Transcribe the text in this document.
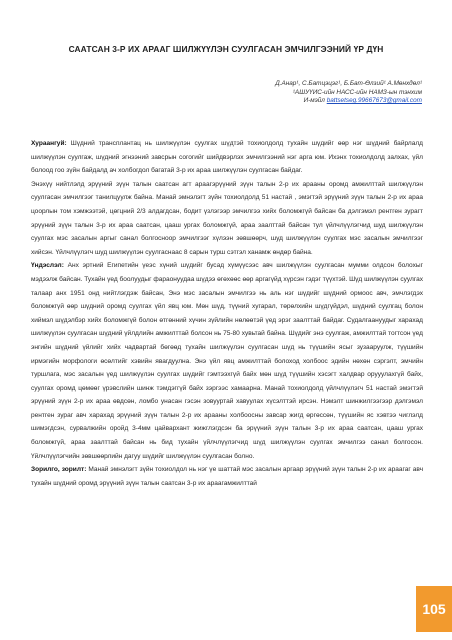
СААТСАН 3-Р ИХ АРААГ ШИЛЖҮҮЛЭН СУУЛГАСАН ЭМЧИЛГЭЭНИЙ ҮР ДҮН
Д.Анар¹, С.Батцэцэг¹, Б.Бат-Өлзий¹ А.Мөнхдөл¹
¹АШУҮИС-ийн НАСС-ийн НАМЗ-ын тэнхим
И-мэйл battsetseg.99667673@gmail.com

Хураангуй: Шүдний трансплантац нь шилжүүлэн суулгах шүдтэй тохиолдолд тухайн шүдийг өөр нэг шүдний байрлалд шилжүүлэн суулгаж, шүдний эгнээний завсрын согогийг шийдвэрлэх эмчилгээний нэг арга юм. Ихэнх тохиолдолд залхах, үйл болоод гоо зүйн байдалд ач холбогдол багатай 3-р их араа шилжүүлэн суулгасан байдаг.

Энэхүү нийтлэлд эрүүний зүүн талын саатсан агт араагэрүүний зүүн талын 2-р их арааны оромд амжилттай шилжүүлэн суулгасан эмчилгээг танилцуулж байна. Манай эмнэлэгт зүйн тохиолдолд 51 настай , эмэгтэй эрүүний зүүн талын 2-р их араа цоорлын том хэмжээтэй, цөгцний 2/3 алдагдсан, бодит үзлэгээр эмчилгээ хийх боломжгүй байсан ба дэлгэмэл рентген зурагт эрүүний зүүн талын 3-р их араа саатсан, цааш ургах боломжгүй, араа заалттай байсан тул үйлчлүүлэгчид шуд шилжүүлэн суулгах мэс засалын аргыг санал болгосноор эмчилгээг хүлээн зөвшөөрч, шуд шилжүүлэн суулгах мэс засалын эмчилгээг хийсэн. Үйлчлүүлэгч шуд шилжүүлэн суулгаснаас 8 сарын турш сэтгэл ханамж өндөр байна.

Үндэслэл: Анх эртний Египетийн үеэс хүний шүдийг бусад хүмүүсээс авч шилжүүлэн суулгасан мумми олдсон болохыг мэдээлж байсан. Тухайн үед боолуудыг фараонуудаа шүдээ өгөхөөс өөр аргагүйд хүрсэн гэдэг түүхтэй. Шүд шилжүүлэн суулгах талаар анх 1951 онд нийтлэгдэж байсан, Энэ мэс засалын эмчилгээ нь аль нэг шүдийг шүдний ормоос авч, эмчлэгдэх боломжгүй өөр шүдний оромд суулгах үйл явц юм. Мөн шүд, түүний хугарал, төрөлхийн шүдгүйдэл, шүдний суулгац болон хиймэл шүдэлбэр хийх боломжгүй болон өтгөнний хүчин зүйлийн нөлөөтэй үед эрэг заалттай байдаг. Судалгаануудыг харахад шилжүүлэн суулгасан шүдний үйлдлийн амжилттай болсон нь 75-80 хувьтай байна. Шүдийг энэ суулгаж, амжилттай тогтсон үед энгийн шүдний үйлийг хийх чадвартай бөгөөд тухайн шилжүүлэн суулгасан шүд нь түүшийн ясыг зузааруулж, түүшийн ирмэгийн морфологи өсөлтийг хэвийн явагдуулна. Энэ үйл явц амжилттай болоход холбоос эдийн нөхөн сэргэлт, эмчийн туршлага, мэс засалын үед шилжүүлэн суулгах шүдийг гэмтээхгүй байх мөн шүд түүшийн хэсэгт халдвар орууулахгүй байх, суулгах оромд цөмөөг үрэвслийн шинж тэмдэггүй байх зэргээс хамаарна. Манай тохиолдолд үйлчлүүлэгч 51 настай эмэгтэй эрүүний зүүн 2-р их араа өвдсөн, ломбо унасан гэсэн зовууртай хавуулах хүсэлттэй ирсэн. Нэмэлт шинжилгээгээр дэлгэмэл рентген зураг авч харахад эрүүний зүүн талын 2-р их арааны холбоосны завсар жигд өргөссөн, түүшийн яс хэвтээ чиглэлд шимэгдсэн, сурвалжийн оройд 3-4мм цайвархант жижглэгдсэн ба эрүүний зүүн талын 3-р их араа саатсан, цааш ургах боломжгүй, араа заалттай байсан нь бид тухайн үйлчлүүлэгчид шүд шилжүүлэн суулгах эмчилгээ санал болгосон. Үйлчлүүлэгчийн зөвшөөрлийн дагуу шүдийг шилжүүлэн суулгасан болно.

Зорилго, зорилт: Манай эмнэлэгт зүйн тохиолдол нь нэг үе шаттай мэс засалын аргаар эрүүний зүүн талын 2-р их араагаг авч тухайн шүдний оромд эрүүний зүүн талын саатсан 3-р их араагамжилттай

105
